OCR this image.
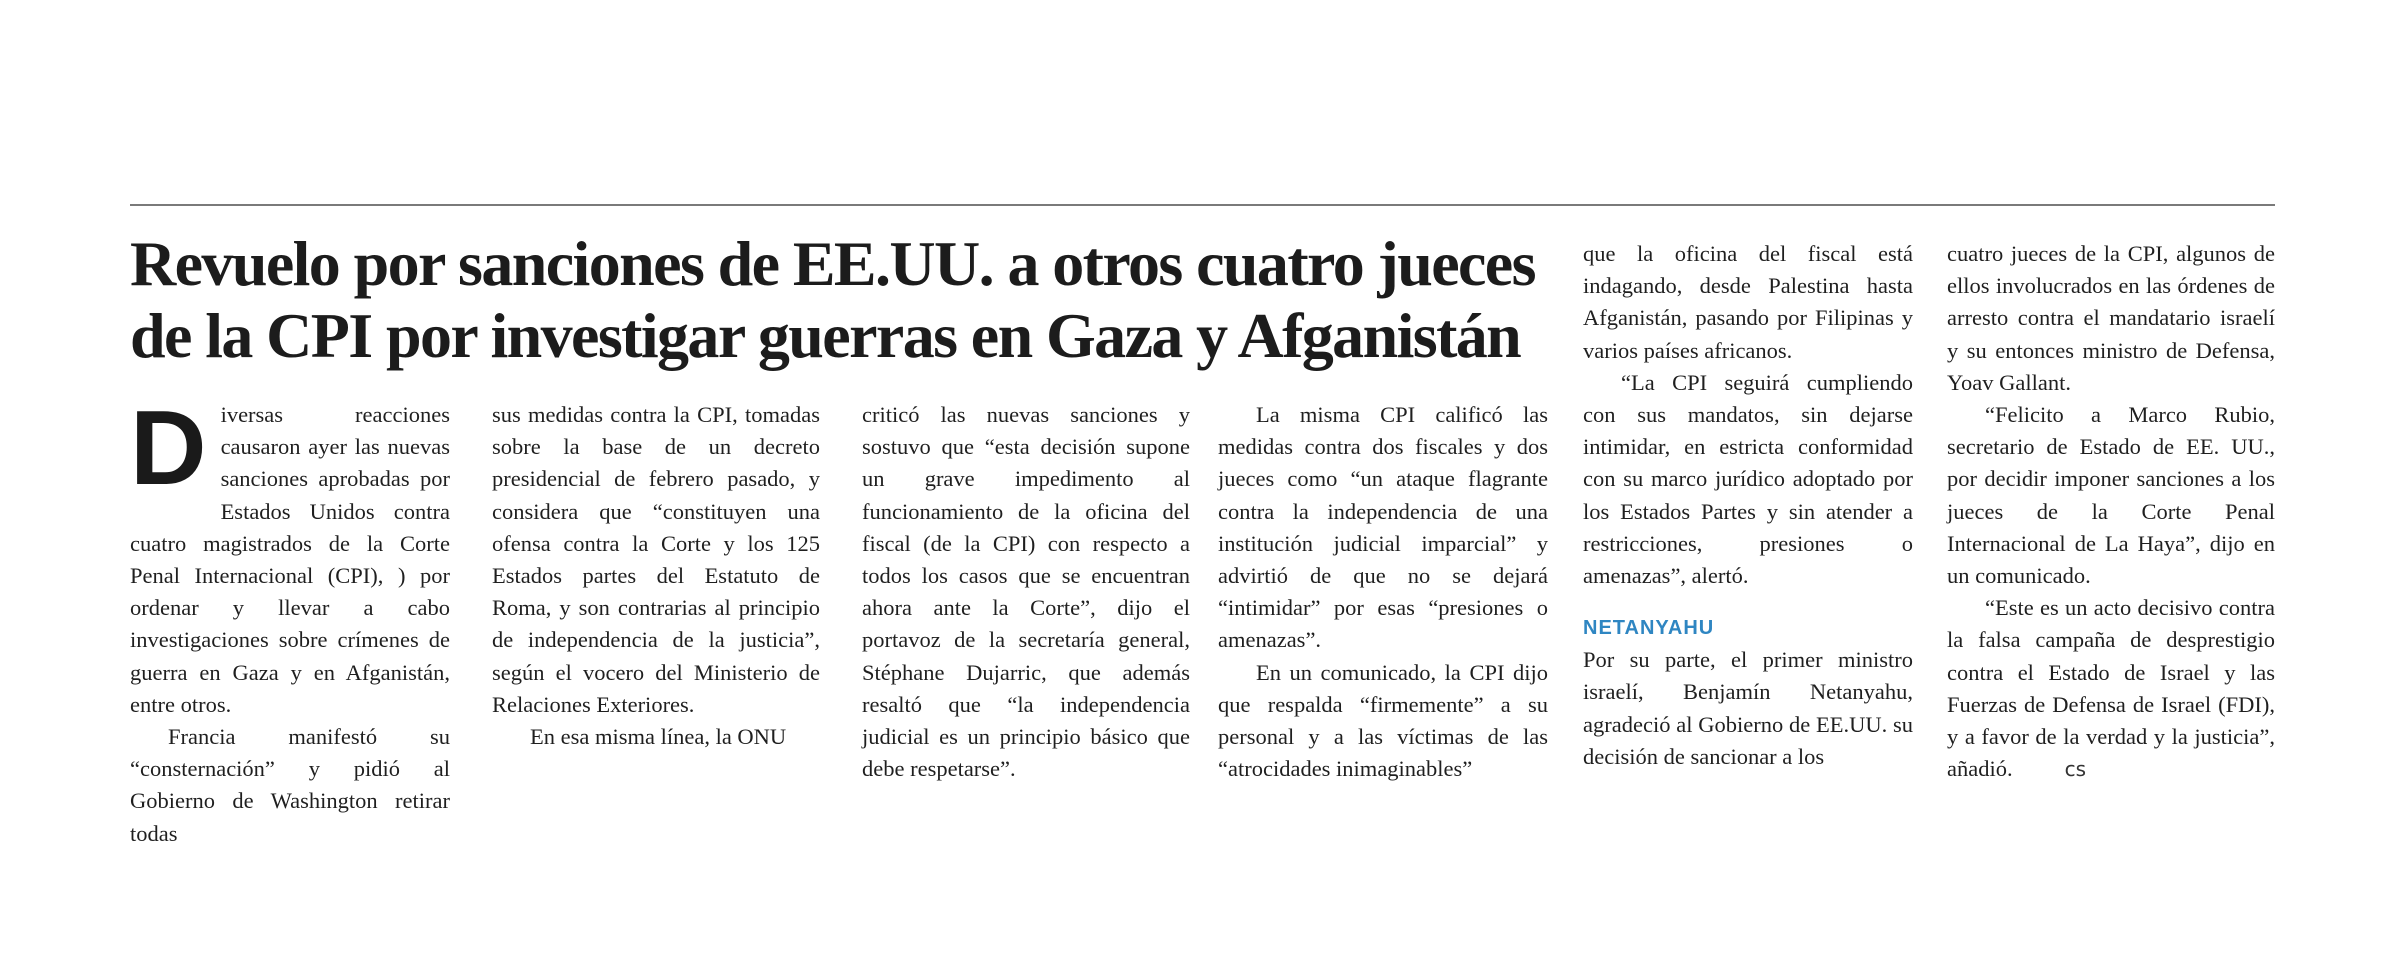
Revuelo por sanciones de EE.UU. a otros cuatro jueces
de la CPI por investigar guerras en Gaza y Afganistán

Diversas reacciones causaron ayer las nuevas sanciones aprobadas por Estados Unidos contra cuatro magistrados de la Corte Penal Internacional (CPI), ) por ordenar y llevar a cabo investigaciones sobre crímenes de guerra en Gaza y en Afganistán, entre otros.

Francia manifestó su “consternación” y pidió al Gobierno de Washington retirar todas

sus medidas contra la CPI, tomadas sobre la base de un decreto presidencial de febrero pasado, y considera que “constituyen una ofensa contra la Corte y los 125 Estados partes del Estatuto de Roma, y son contrarias al principio de independencia de la justicia”, según el vocero del Ministerio de Relaciones Exteriores.

En esa misma línea, la ONU

criticó las nuevas sanciones y sostuvo que “esta decisión supone un grave impedimento al funcionamiento de la oficina del fiscal (de la CPI) con respecto a todos los casos que se encuentran ahora ante la Corte”, dijo el portavoz de la secretaría general, Stéphane Dujarric, que además resaltó que “la independencia judicial es un principio básico que debe respetarse”.

La misma CPI calificó las medidas contra dos fiscales y dos jueces como “un ataque flagrante contra la independencia de una institución judicial imparcial” y advirtió de que no se dejará “intimidar” por esas “presiones o amenazas”.

En un comunicado, la CPI dijo que respalda “firmemente” a su personal y a las víctimas de las “atrocidades inimaginables”

que la oficina del fiscal está indagando, desde Palestina hasta Afganistán, pasando por Filipinas y varios países africanos.

“La CPI seguirá cumpliendo con sus mandatos, sin dejarse intimidar, en estricta conformidad con su marco jurídico adoptado por los Estados Partes y sin atender a restricciones, presiones o amenazas”, alertó.

NETANYAHU

Por su parte, el primer ministro israelí, Benjamín Netanyahu, agradeció al Gobierno de EE.UU. su decisión de sancionar a los

cuatro jueces de la CPI, algunos de ellos involucrados en las órdenes de arresto contra el mandatario israelí y su entonces ministro de Defensa, Yoav Gallant.

“Felicito a Marco Rubio, secretario de Estado de EE. UU., por decidir imponer sanciones a los jueces de la Corte Penal Internacional de La Haya”, dijo en un comunicado.

“Este es un acto decisivo contra la falsa campaña de desprestigio contra el Estado de Israel y las Fuerzas de Defensa de Israel (FDI), y a favor de la verdad y la justicia”, añadió.	cs
